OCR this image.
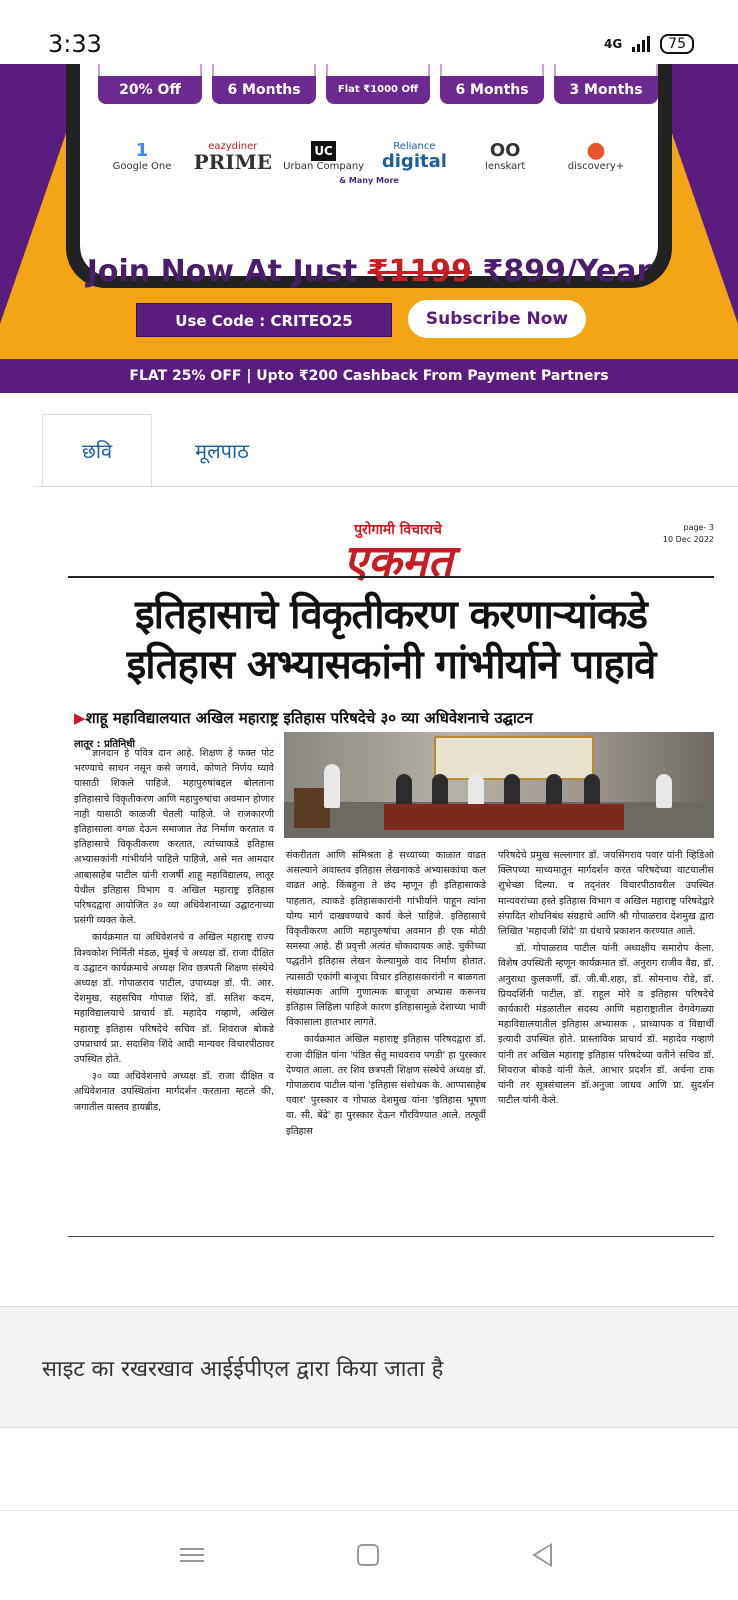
3:33	4G	75
20% Off	6 Months	Flat ₹1000 Off	6 Months	3 Months
1
Google One
eazydiner
PRIME	UC
Urban Company
Reliance
digital
OO
lenskart
●
discovery+
& Many More
Join Now At Just ₹1199 ₹899/Year
Use Code : CRITEO25	Subscribe Now
FLAT 25% OFF | Upto ₹200 Cashback From Payment Partners
छवि	मूलपाठ
पुरोगामी विचाराचे
एकमत
page- 3
10 Dec 2022
इतिहासाचे विकृतीकरण करणाऱ्यांकडे
इतिहास अभ्यासकांनी गांभीर्याने पाहावे
▶शाहू महाविद्यालयात अखिल महाराष्ट्र इतिहास परिषदेचे ३० व्या अधिवेशनाचे उद्घाटन
लातूर : प्रतिनिधी

ज्ञानदान हे पवित्र दान आहे. शिक्षण हे फक्त पोट भरण्याचे साधन नसून कसे जगावे, कोणते निर्णय घ्यावे यासाठी शिकले पाहिजे. महापुरुषांबद्दल बोलताना इतिहासाचे विकृतीकरण आणि महापुरुषांचा अवमान होणार नाही यासाठी काळजी घेतली पाहिजे. जे राजकारणी इतिहासाला वगळ देऊन समाजात तेढ निर्माण करतात व इतिहासाचे विकृतीकरण करतात, त्यांच्याकडे इतिहास अभ्यासकांनी गांभीर्याने पाहिले पाहिजे, असे मत आमदार आबासाहेब पाटील यांनी राजर्षी शाहू महाविद्यालय, लातूर येथील इतिहास विभाग व अखिल महाराष्ट्र इतिहास परिषदद्वारा आयोजित ३० व्या अधिवेशनाच्या उद्घाटनाच्या प्रसंगी व्यक्त केले.

कार्यक्रमात या अधिवेशनचे व अखिल महाराष्ट्र राज्य विश्वकोश निर्मिती मंडळ, मुंबई चे अध्यक्ष डॉ. राजा दीक्षित व उद्घाटन कार्यक्रमाचे अध्यक्ष शिव छत्रपती शिक्षण संस्थेचे अध्यक्ष डॉ. गोपाळराव पाटील, उपाध्यक्ष डॉ. पी. आर. देशमुख, सहसचिव गोपाळ शिंदे, डॉ. सतिश कदम, महाविद्यालयाचे प्राचार्य डॉ. महादेव गव्हाणे, अखिल महाराष्ट्र इतिहास परिषदेचे सचिव डॉ. शिवराज बोकडे उपप्राचार्य प्रा. सदाशिव शिंदे आदी मान्यवर विचारपीठावर उपस्थित होते.

३० व्या अधिवेशनाचे अध्यक्ष डॉ. राजा दीक्षित व अधिवेशनात उपस्थितांना मार्गदर्शन करताना म्हटले की, जगातील वास्तव हायब्रीड,

संकरीतता आणि संमिश्रता हे सध्याच्या काळात वाढत असल्याने अवास्तव इतिहास लेखनाकडे अभ्यासकांचा कल वाढत आहे. किंबहुना ते छंद म्हणून ही इतिहासाकडे पाहतात, त्याकडे इतिहासकारांनी गांभीर्याने पाहून त्यांना योग्य मार्ग दाखवण्याचे कार्य केले पाहिजे. इतिहासाचे विकृतीकरण आणि महापुरुषांचा अवमान ही एक मोठी समस्या आहे. ही प्रवृत्ती अत्यंत धोकादायक आहे. चुकीच्या पद्धतीने इतिहास लेखन केल्यामुळे वाद निर्माण होतात. त्यासाठी एकांगी बाजूचा विचार इतिहासकारांनी न बाळगता संख्यात्मक आणि गुणात्मक बाजूचा अभ्यास करूनच इतिहास लिहिला पाहिजे कारण इतिहासामुळे देशाच्या भावी विकासाला हातभार लागते.

कार्यक्रमात अखिल महाराष्ट्र इतिहास परिषदद्वारा डॉ. राजा दीक्षित यांना 'पंडित सेतु माधवराव पगडी' हा पुरस्कार देण्यात आला. तर शिव छत्रपती शिक्षण संस्थेचे अध्यक्ष डॉ. गोपाळराव पाटील यांना 'इतिहास संशोधक के. आप्पासाहेब पवार' पुरस्कार व गोपाळ देशमुख यांना 'इतिहास भूषण वा. सी. बेंद्रे' हा पुरस्कार देऊन गौरविण्यात आले. तत्पूर्वी इतिहास

परिषदेचे प्रमुख सल्लागार डॉ. जयसिंगराव पवार यांनी व्हिडिओ क्लिपच्या माध्यमातून मार्गदर्शन करत परिषदेच्या वाटचालीस शुभेच्छा दिल्या. व तद्नंतर विचारपीठावरील उपस्थित मान्यवरांच्या हस्ते इतिहास विभाग व अखिल महाराष्ट्र परिषदेद्वारे संपादित शोधनिबंध संग्रहाचे आणि श्री गोपाळराव देशमुख द्वारा लिखित 'महादजी शिंदे' या ग्रंथाचे प्रकाशन करण्यात आले.

डॉ. गोपाळराव पाटील यांनी अध्यक्षीय समारोप केला. विशेष उपस्थिती म्हणून कार्यक्रमात डॉ. अनुराग राजीव वैद्य, डॉ. अनुराधा कुलकर्णी, डॉ. जी.बी.शहा, डॉ. सोमनाथ रोडे, डॉ. प्रियदर्शिनी पाटील, डॉ. राहूल मोरे व इतिहास परिषदेचे कार्यकारी मंडळातील सदस्य आणि महाराष्ट्रातील वेगवेगळ्या महाविद्यालयातील इतिहास अभ्यासक , प्राध्यापक व विद्यार्थी इत्यादी उपस्थित होते. प्रास्ताविक प्राचार्य डॉ. महादेव गव्हाणे यांनी तर अखिल महाराष्ट्र इतिहास परिषदेच्या वतीने सचिव डॉ. शिवराज बोकडे यांनी केले. आभार प्रदर्शन डॉ. अर्चना टाक यांनी तर सूत्रसंचालन डॉ.अनुजा जाधव आणि प्रा. सुदर्शन पाटील यांनी केले.

साइट का रखरखाव आईईपीएल द्वारा किया जाता है
